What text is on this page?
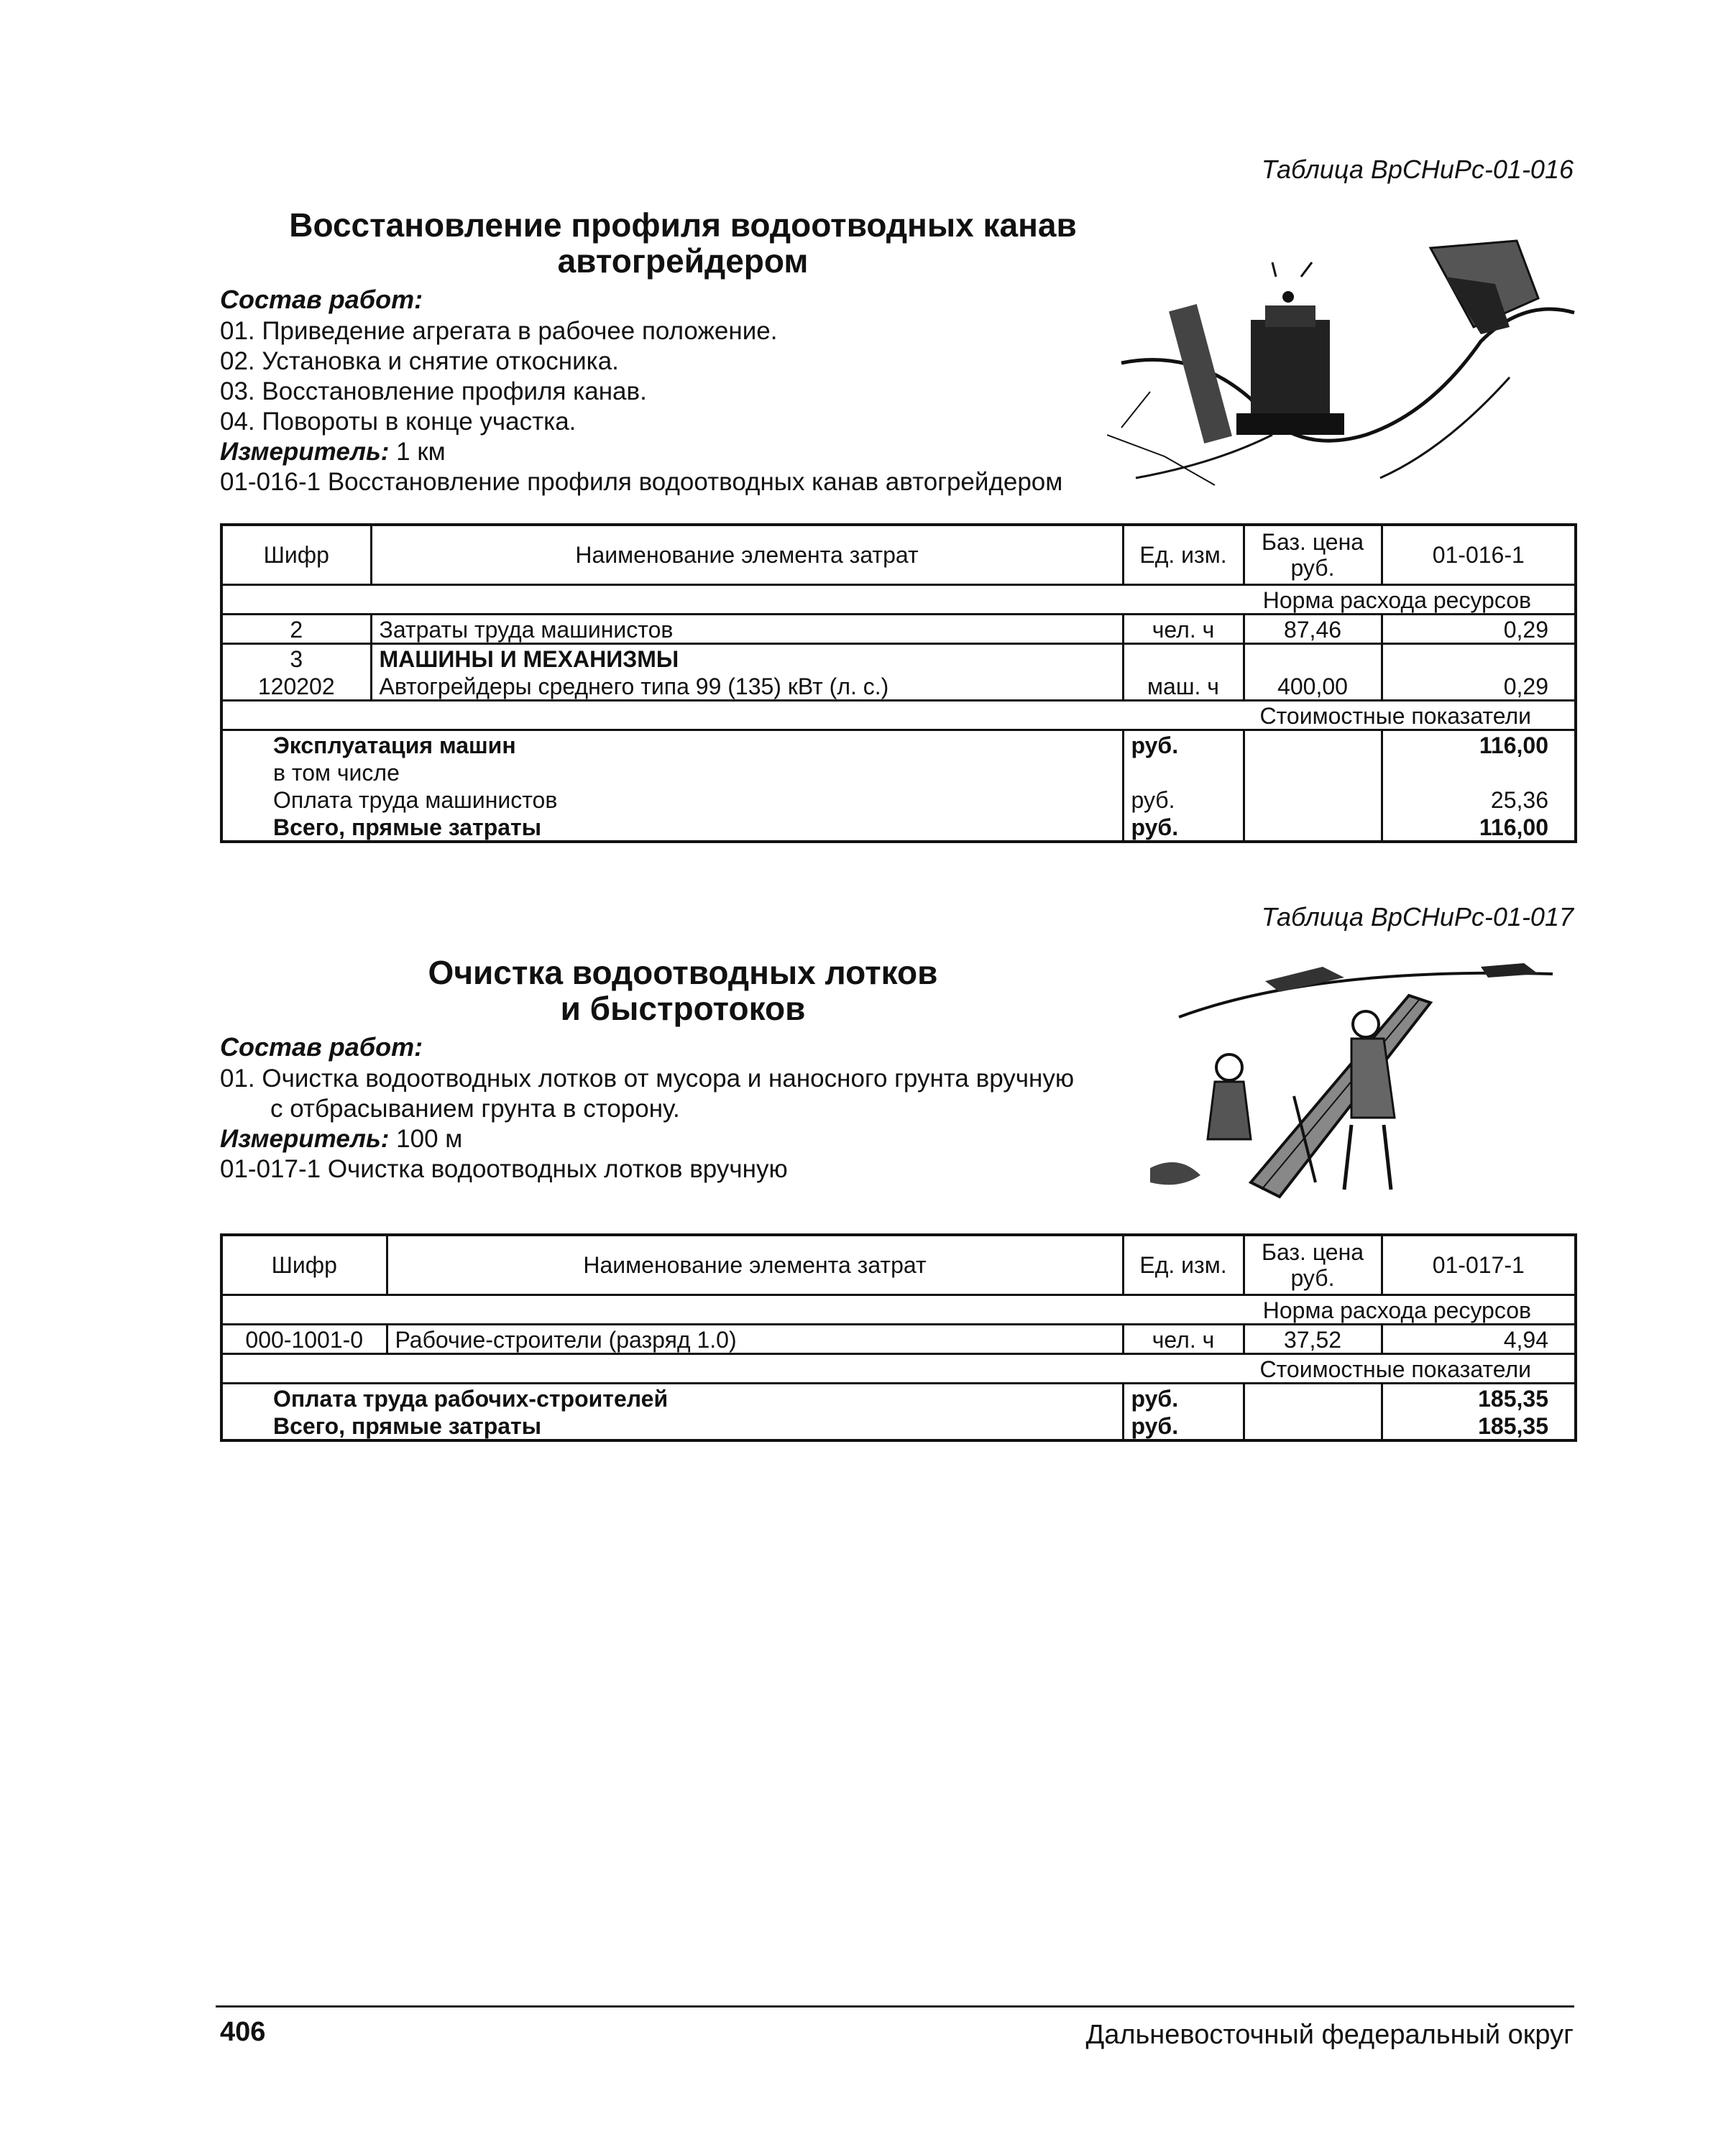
Таблица ВрСНиРс-01-016
Восстановление профиля водоотводных канав
автогрейдером
Состав работ:
01. Приведение агрегата в рабочее положение.
02. Установка и снятие откосника.
03. Восстановление профиля канав.
04. Повороты в конце участка.
Измеритель: 1 км
01-016-1 Восстановление профиля водоотводных канав автогрейдером
Шифр	Наименование элемента затрат	Ед. изм.	Баз. цена руб.	01-016-1
Норма расхода ресурсов				
2	Затраты труда машинистов	чел. ч	87,46	0,29
3	МАШИНЫ И МЕХАНИЗМЫ			
120202	Автогрейдеры среднего типа 99 (135) кВт (л. с.)	маш. ч	400,00	0,29
Стоимостные показатели				
Эксплуатация машин		руб.		116,00
в том числе				
Оплата труда машинистов		руб.		25,36
Всего, прямые затраты		руб.		116,00
Таблица ВрСНиРс-01-017
Очистка водоотводных лотков
и быстротоков
Состав работ:
01. Очистка водоотводных лотков от мусора и наносного грунта вручную
с отбрасыванием грунта в сторону.
Измеритель: 100 м
01-017-1 Очистка водоотводных лотков вручную
Шифр	Наименование элемента затрат	Ед. изм.	Баз. цена руб.	01-017-1
Норма расхода ресурсов				
000-1001-0	Рабочие-строители (разряд 1.0)	чел. ч	37,52	4,94
Стоимостные показатели				
Оплата труда рабочих-строителей		руб.		185,35
Всего, прямые затраты		руб.		185,35
406	Дальневосточный федеральный округ
